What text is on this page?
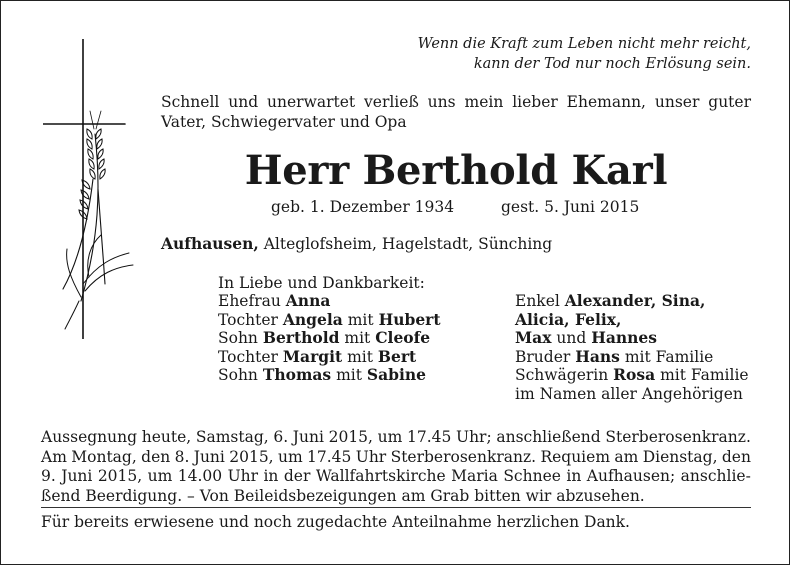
Wenn die Kraft zum Leben nicht mehr reicht,
kann der Tod nur noch Erlösung sein.
Schnell und unerwartet verließ uns mein lieber Ehemann, unser guter Vater, Schwiegervater und Opa
Herr Berthold Karl
geb. 1. Dezember 1934	gest. 5. Juni 2015
Aufhausen, Alteglofsheim, Hagelstadt, Sünching
In Liebe und Dankbarkeit:
Ehefrau Anna
Tochter Angela mit Hubert
Sohn Berthold mit Cleofe
Tochter Margit mit Bert
Sohn Thomas mit Sabine
Enkel Alexander, Sina,
Alicia, Felix,
Max und Hannes
Bruder Hans mit Familie
Schwägerin Rosa mit Familie
im Namen aller Angehörigen
Aussegnung heute, Samstag, 6. Juni 2015, um 17.45 Uhr; anschließend Sterberosenkranz.
Am Montag, den 8. Juni 2015, um 17.45 Uhr Sterberosenkranz. Requiem am Dienstag, den
9. Juni 2015, um 14.00 Uhr in der Wallfahrtskirche Maria Schnee in Aufhausen; anschlie-
ßend Beerdigung. – Von Beileidsbezeigungen am Grab bitten wir abzusehen.
Für bereits erwiesene und noch zugedachte Anteilnahme herzlichen Dank.
